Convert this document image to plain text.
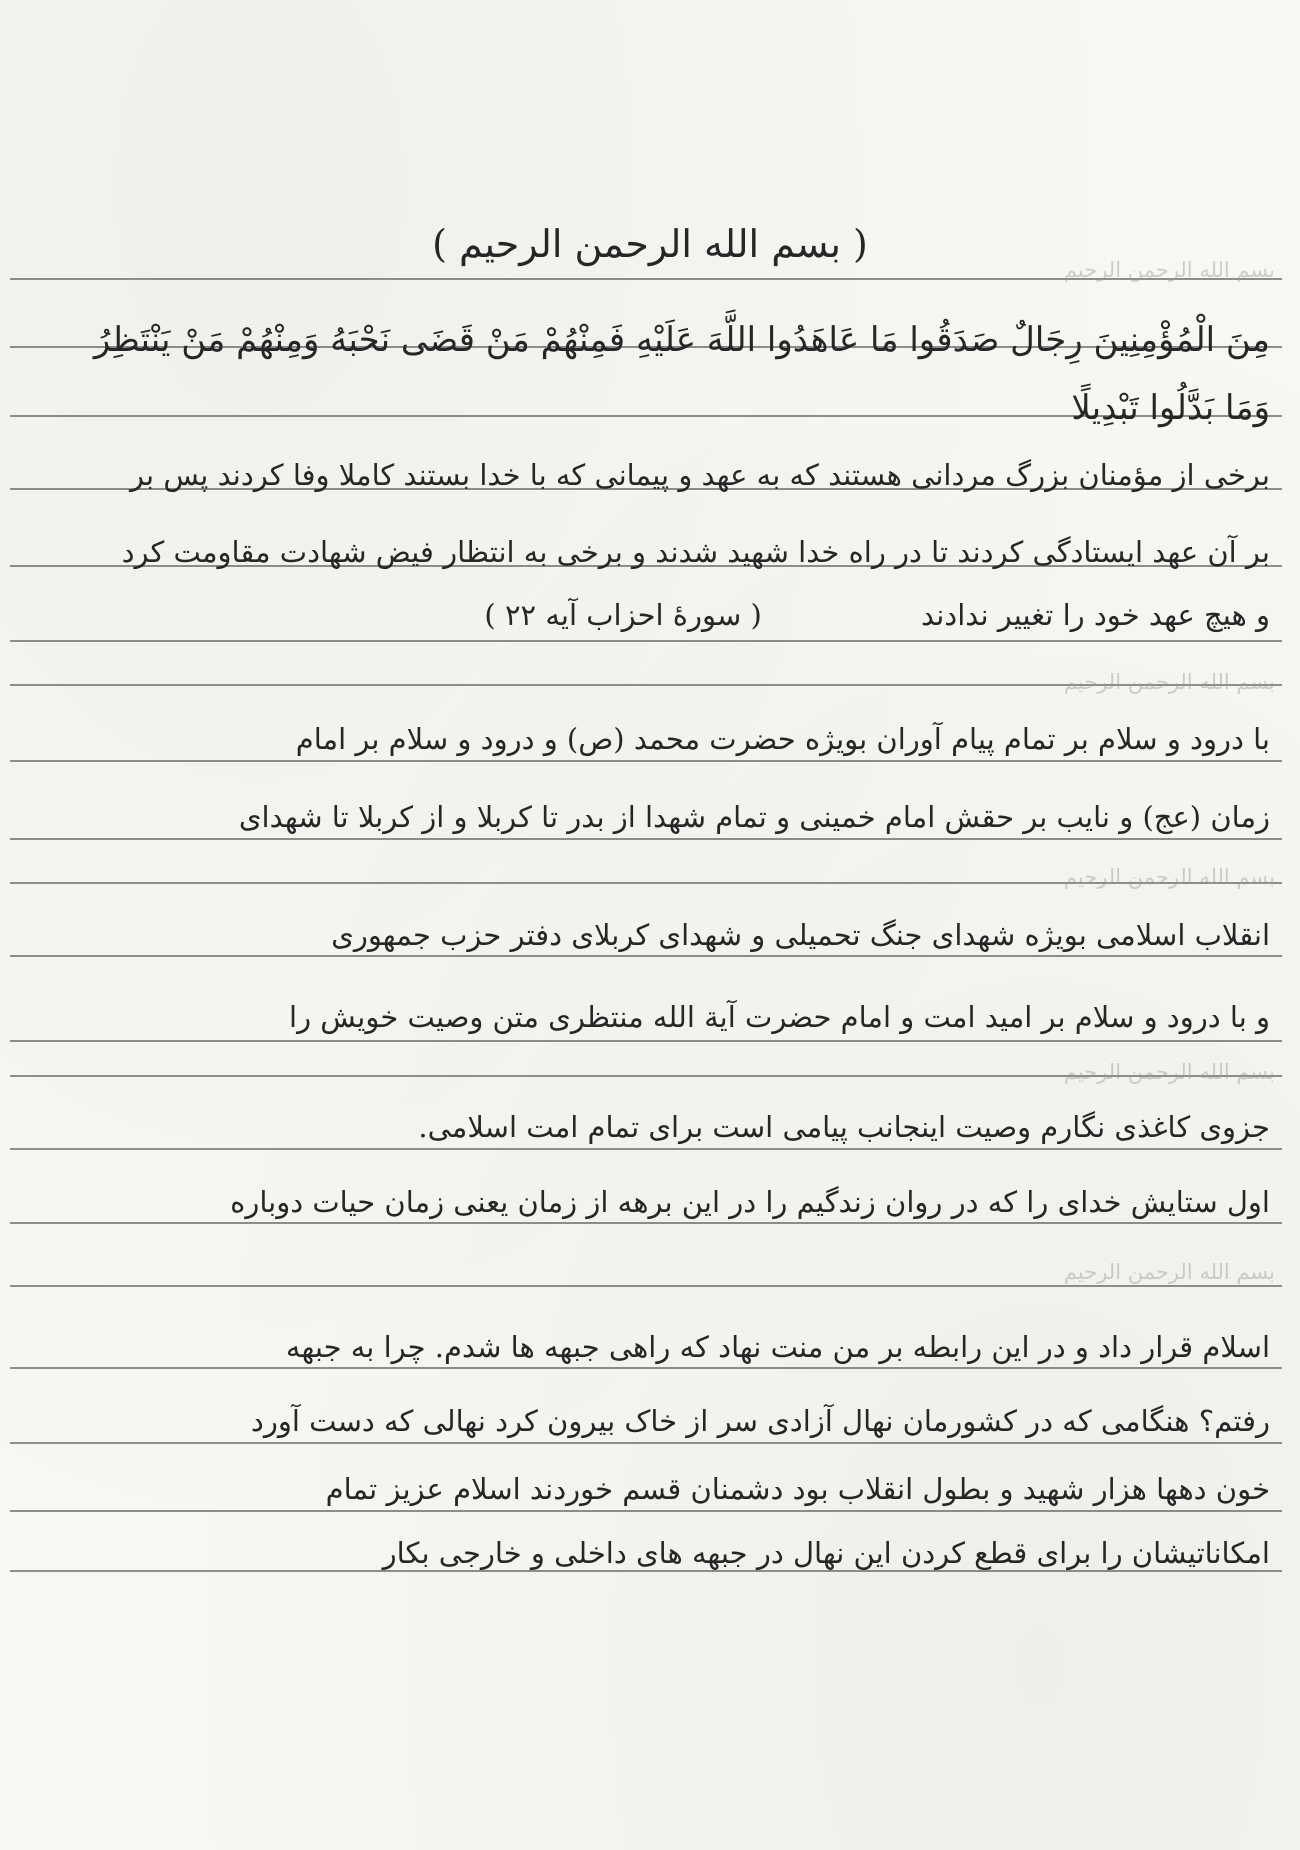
بسم الله الرحمن الرحیم
بسم الله الرحمن الرحیم
بسم الله الرحمن الرحیم
بسم الله الرحمن الرحیم
بسم الله الرحمن الرحیم
( بسم الله الرحمن الرحیم )
مِنَ الْمُؤْمِنِینَ رِجَالٌ صَدَقُوا مَا عَاهَدُوا اللَّهَ عَلَیْهِ فَمِنْهُمْ مَنْ قَضَى نَحْبَهُ وَمِنْهُمْ مَنْ یَنْتَظِرُ
وَمَا بَدَّلُوا تَبْدِیلًا
برخی از مؤمنان بزرگ مردانی هستند که به عهد و پیمانی که با خدا بستند کاملا وفا کردند پس بر
بر آن عهد ایستادگی کردند تا در راه خدا شهید شدند و برخی به انتظار فیض شهادت مقاومت کرد
و هیچ عهد خود را تغییر ندادند ( سورهٔ احزاب آیه ۲۲ )
با درود و سلام بر تمام پیام آوران بویژه حضرت محمد (ص) و درود و سلام بر امام
زمان (عج) و نایب بر حقش امام خمینی و تمام شهدا از بدر تا کربلا و از کربلا تا شهدای
انقلاب اسلامی بویژه شهدای جنگ تحمیلی و شهدای کربلای دفتر حزب جمهوری
و با درود و سلام بر امید امت و امام حضرت آیة الله منتظری متن وصیت خویش را
جزوی کاغذی نگارم وصیت اینجانب پیامی است برای تمام امت اسلامی.
اول ستایش خدای را که در روان زندگیم را در این برهه از زمان یعنی زمان حیات دوباره
اسلام قرار داد و در این رابطه بر من منت نهاد که راهی جبهه ها شدم. چرا به جبهه
رفتم؟ هنگامی که در کشورمان نهال آزادی سر از خاک بیرون کرد نهالی که دست آورد
خون دهها هزار شهید و بطول انقلاب بود دشمنان قسم خوردند اسلام عزیز تمام
امکاناتیشان را برای قطع کردن این نهال در جبهه های داخلی و خارجی بکار
